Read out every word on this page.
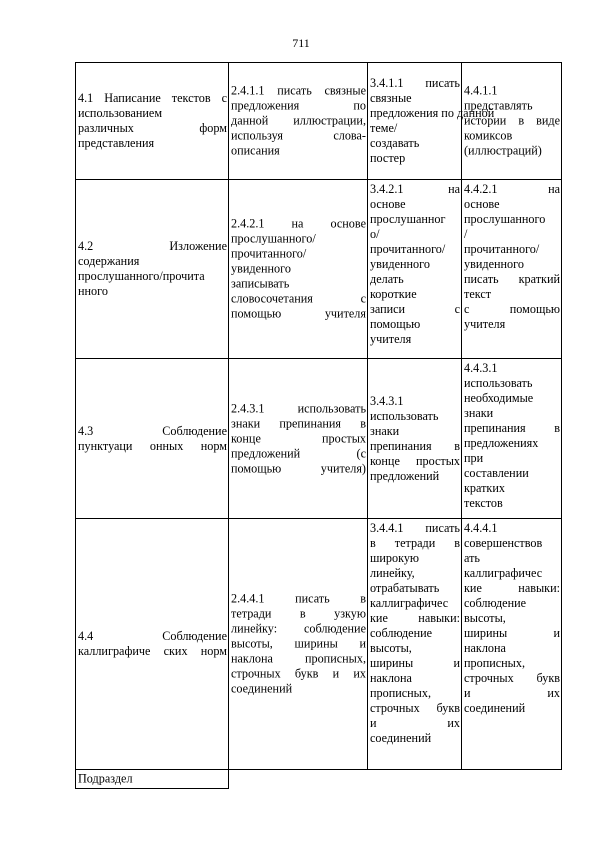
711
4.1 Написание текстов с
использованием
различных форм
представления
2.4.1.1 писать связные
предложения по
данной иллюстрации,
используя слова-
описания
3.4.1.1 писать
связные
предложения по данной
теме/
создавать
постер
4.4.1.1
представлять
истории в виде
комиксов
(иллюстраций)
4.2 Изложение
содержания
прослушанного/прочита
нного
2.4.2.1 на основе
прослушанного/
прочитанного/
увиденного
записывать
словосочетания с
помощью учителя
3.4.2.1 на
основе
прослушанног
о/
прочитанного/
увиденного
делать
короткие
записи с
помощью
учителя
4.4.2.1 на
основе
прослушанного
/
прочитанного/
увиденного
писать краткий
текст
с помощью
учителя
4.3 Соблюдение
пунктуаци онных норм
2.4.3.1 использовать
знаки препинания в
конце простых
предложений (с
помощью учителя)
3.4.3.1
использовать
знаки
препинания в
конце простых
предложений
4.4.3.1
использовать
необходимые
знаки
препинания в
предложениях
при
составлении
кратких
текстов
4.4 Соблюдение
каллиграфиче ских норм
2.4.4.1 писать в
тетради в узкую
линейку: соблюдение
высоты, ширины и
наклона прописных,
строчных букв и их
соединений
3.4.4.1 писать
в тетради в
широкую
линейку,
отрабатывать
каллиграфичес
кие навыки:
соблюдение
высоты,
ширины и
наклона
прописных,
строчных букв
и их
соединений
4.4.4.1
совершенствов
ать
каллиграфичес
кие навыки:
соблюдение
высоты,
ширины и
наклона
прописных,
строчных букв
и их
соединений
Подраздел
